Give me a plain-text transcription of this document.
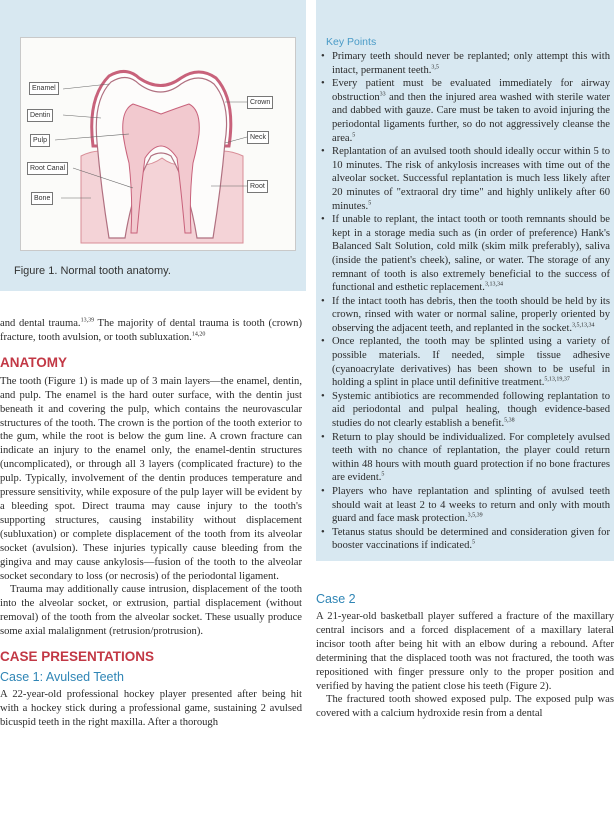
Enamel
Dentin
Pulp
Root Canal
Bone
Crown
Neck
Root
Figure 1. Normal tooth anatomy.

and dental trauma.$^{13,39}$ The majority of dental trauma is tooth (crown) fracture, tooth avulsion, or tooth subluxation.$^{14,20}$

ANATOMY

The tooth (Figure 1) is made up of 3 main layers—the enamel, dentin, and pulp. The enamel is the hard outer surface, with the dentin just beneath it and covering the pulp, which contains the neurovascular structures of the tooth. The crown is the portion of the tooth exterior to the gum, while the root is below the gum line. A crown fracture can indicate an injury to the enamel only, the enamel-dentin structures (uncomplicated), or through all 3 layers (complicated fracture) to the pulp. Typically, involvement of the dentin produces temperature and pressure sensitivity, while exposure of the pulp layer will be evident by a bleeding spot. Direct trauma may cause injury to the tooth's supporting structures, causing instability without displacement (subluxation) or complete displacement of the tooth from its alveolar socket (avulsion). These injuries typically cause bleeding from the gingiva and may cause ankylosis—fusion of the tooth to the alveolar socket secondary to loss (or necrosis) of the periodontal ligament.

Trauma may additionally cause intrusion, displacement of the tooth into the alveolar socket, or extrusion, partial displacement (without removal) of the tooth from the alveolar socket. These usually produce some axial malalignment (retrusion/protrusion).

CASE PRESENTATIONS
Case 1: Avulsed Teeth

A 22-year-old professional hockey player presented after being hit with a hockey stick during a professional game, sustaining 2 avulsed bicuspid teeth in the right maxilla. After a thorough

Key Points
• Primary teeth should never be replanted; only attempt this with intact, permanent teeth.$^{3,5}$
• Every patient must be evaluated immediately for airway obstruction$^{33}$ and then the injured area washed with sterile water and dabbed with gauze. Care must be taken to avoid injuring the periodontal ligaments further, so do not aggressively cleanse the area.$^5$
• Replantation of an avulsed tooth should ideally occur within 5 to 10 minutes. The risk of ankylosis increases with time out of the alveolar socket. Successful replantation is much less likely after 20 minutes of "extraoral dry time" and highly unlikely after 60 minutes.$^5$
• If unable to replant, the intact tooth or tooth remnants should be kept in a storage media such as (in order of preference) Hank's Balanced Salt Solution, cold milk (skim milk preferably), saliva (inside the patient's cheek), saline, or water. The storage of any remnant of tooth is also extremely beneficial to the success of functional and esthetic replacement.$^{3,13,34}$
• If the intact tooth has debris, then the tooth should be held by its crown, rinsed with water or normal saline, properly oriented by observing the adjacent teeth, and replanted in the socket.$^{3,5,13,34}$
• Once replanted, the tooth may be splinted using a variety of possible materials. If needed, simple tissue adhesive (cyanoacrylate derivatives) has been shown to be useful in holding a splint in place until definitive treatment.$^{5,13,19,37}$
• Systemic antibiotics are recommended following replantation to aid periodontal and pulpal healing, though evidence-based studies do not clearly establish a benefit.$^{5,38}$
• Return to play should be individualized. For completely avulsed teeth with no chance of replantation, the player could return within 48 hours with mouth guard protection if no bone fractures are evident.$^5$
• Players who have replantation and splinting of avulsed teeth should wait at least 2 to 4 weeks to return and only with mouth guard and face mask protection.$^{3,5,39}$
• Tetanus status should be determined and consideration given for booster vaccinations if indicated.$^5$
Case 2

A 21-year-old basketball player suffered a fracture of the maxillary central incisors and a forced displacement of a maxillary lateral incisor tooth after being hit with an elbow during a rebound. After determining that the displaced tooth was not fractured, the tooth was repositioned with finger pressure only to the proper position and verified by having the patient close his teeth (Figure 2).

The fractured tooth showed exposed pulp. The exposed pulp was covered with a calcium hydroxide resin from a dental
